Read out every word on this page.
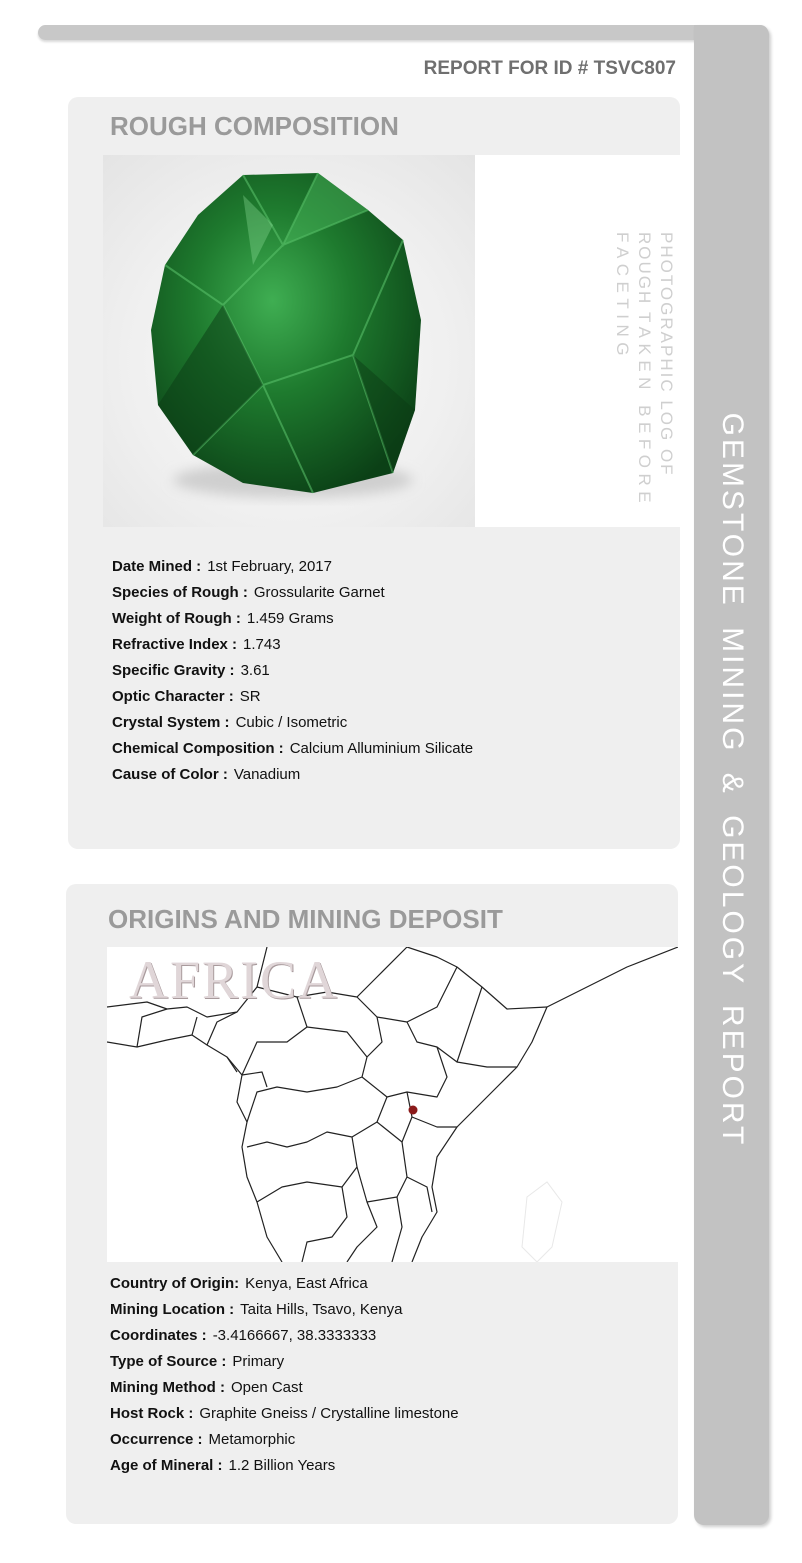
GEMSTONE MINING & GEOLOGY REPORT
REPORT FOR ID # TSVC807
ROUGH COMPOSITION
PHOTOGRAPHIC LOG OF ROUGH TAKEN BEFORE FACETING
Date Mined : 1st February, 2017
Species of Rough : Grossularite Garnet
Weight of Rough : 1.459 Grams
Refractive Index : 1.743
Specific Gravity : 3.61
Optic Character : SR
Crystal System : Cubic / Isometric
Chemical Composition : Calcium Alluminium Silicate
Cause of Color : Vanadium
ORIGINS AND MINING DEPOSIT
AFRICA
Country of Origin: Kenya, East Africa
Mining Location : Taita Hills, Tsavo, Kenya
Coordinates : -3.4166667, 38.3333333
Type of Source : Primary
Mining Method : Open Cast
Host Rock : Graphite Gneiss / Crystalline limestone
Occurrence : Metamorphic
Age of Mineral : 1.2 Billion Years
